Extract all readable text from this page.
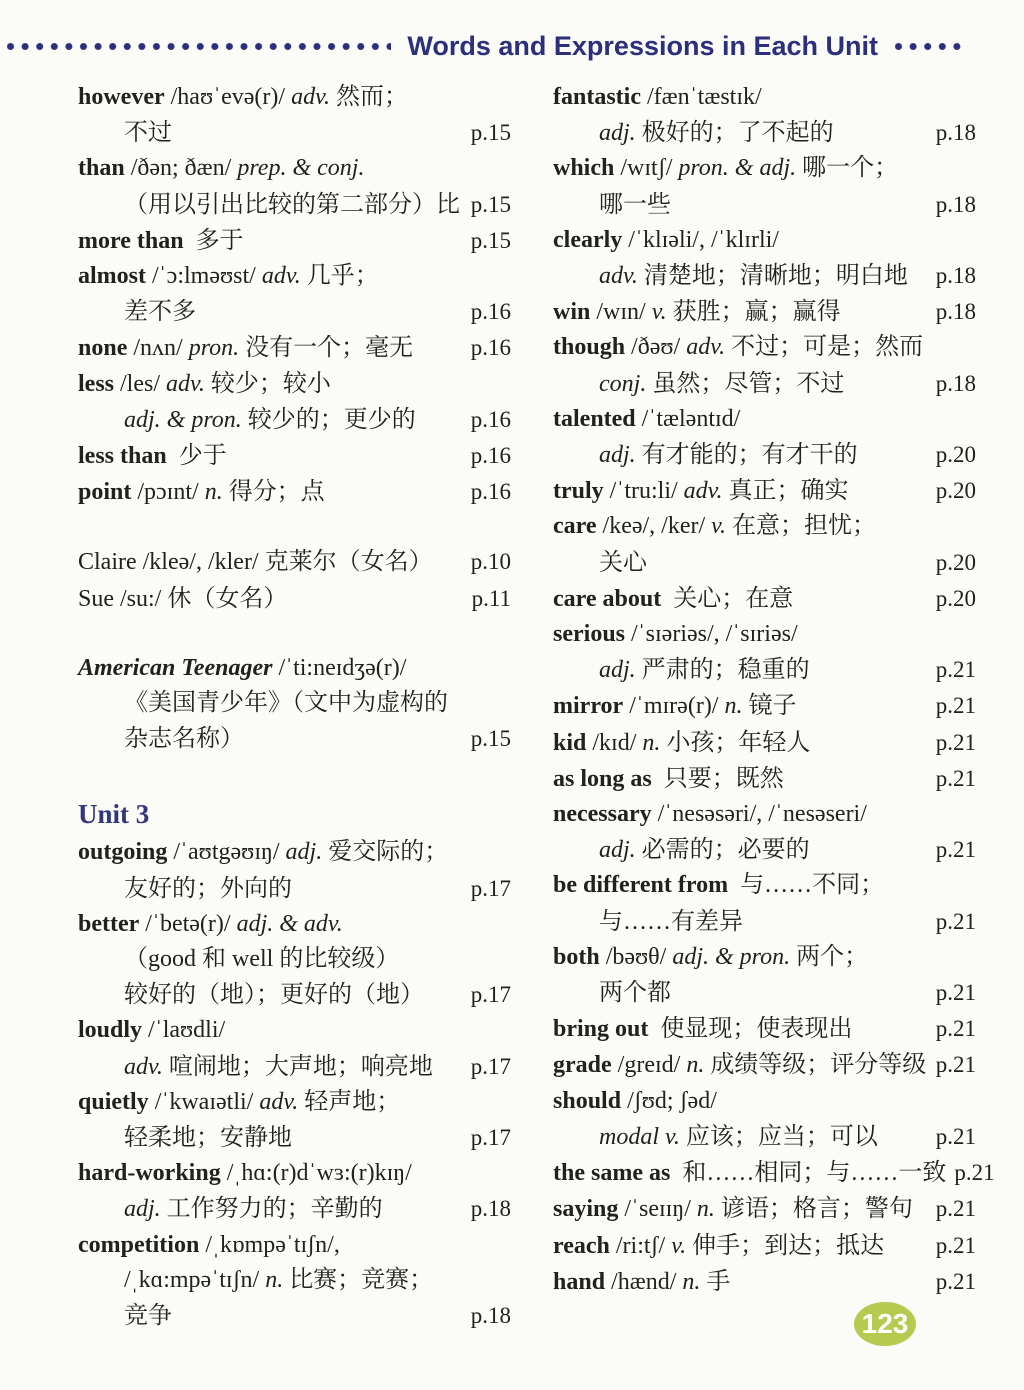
Words and Expressions in Each Unit
however /haʊˈevə(r)/ adv. 然而；
不过	p.15
than /ðən; ðæn/ prep. & conj.
（用以引出比较的第二部分）比 p.15
more than  多于	p.15
almost /ˈɔ:lməʊst/ adv. 几乎；
差不多	p.16
none /nʌn/ pron. 没有一个；毫无	p.16
less /les/ adv. 较少；较小
adj. & pron. 较少的；更少的	p.16
less than  少于	p.16
point /pɔɪnt/ n. 得分；点	p.16
Claire /kleə/, /kler/ 克莱尔（女名）	p.10
Sue /su:/ 休（女名）	p.11
American Teenager /ˈti:neɪdʒə(r)/
《美国青少年》（文中为虚构的
杂志名称）	p.15
Unit 3
outgoing /ˈaʊtgəʊɪŋ/ adj. 爱交际的；
友好的；外向的	p.17
better /ˈbetə(r)/ adj. & adv.
（good 和 well 的比较级）
较好的（地）；更好的（地）	p.17
loudly /ˈlaʊdli/
adv. 喧闹地；大声地；响亮地	p.17
quietly /ˈkwaɪətli/ adv. 轻声地；
轻柔地；安静地	p.17
hard-working /ˌhɑ:(r)dˈwɜ:(r)kɪŋ/
adj. 工作努力的；辛勤的	p.18
competition /ˌkɒmpəˈtɪʃn/,
/ˌkɑ:mpəˈtɪʃn/ n. 比赛；竞赛；
竞争	p.18
fantastic /fænˈtæstɪk/
adj. 极好的；了不起的	p.18
which /wɪtʃ/ pron. & adj. 哪一个；
哪一些	p.18
clearly /ˈklɪəli/, /ˈklɪrli/
adv. 清楚地；清晰地；明白地	p.18
win /wɪn/ v. 获胜；赢；赢得	p.18
though /ðəʊ/ adv. 不过；可是；然而
conj. 虽然；尽管；不过	p.18
talented /ˈtæləntɪd/
adj. 有才能的；有才干的	p.20
truly /ˈtru:li/ adv. 真正；确实	p.20
care /keə/, /ker/ v. 在意；担忧；
关心	p.20
care about  关心；在意	p.20
serious /ˈsɪəriəs/, /ˈsɪriəs/
adj. 严肃的；稳重的	p.21
mirror /ˈmɪrə(r)/ n. 镜子	p.21
kid /kɪd/ n. 小孩；年轻人	p.21
as long as  只要；既然	p.21
necessary /ˈnesəsəri/, /ˈnesəseri/
adj. 必需的；必要的	p.21
be different from  与……不同；
与……有差异	p.21
both /bəʊθ/ adj. & pron. 两个；
两个都	p.21
bring out  使显现；使表现出	p.21
grade /greɪd/ n. 成绩等级；评分等级 p.21
should /ʃʊd; ʃəd/
modal v. 应该；应当；可以	p.21
the same as  和……相同；与……一致 p.21
saying /ˈseɪɪŋ/ n. 谚语；格言；警句 p.21
reach /ri:tʃ/ v. 伸手；到达；抵达	p.21
hand /hænd/ n. 手	p.21
123
